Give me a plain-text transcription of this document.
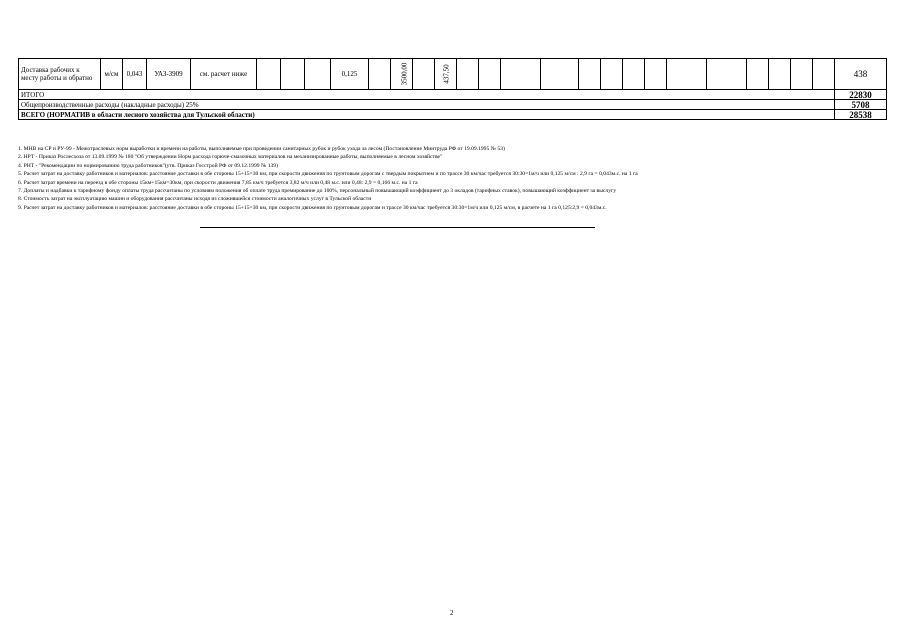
Доставка рабочих к месту работы и обратно	м/см	0,043	УАЗ-3909	см. расчет ниже				0,125		3500,00		437,50															438
ИТОГО																											22830
Общепроизводственные расходы (накладные расходы) 25%																											5708
ВСЕГО (НОРМАТИВ в области лесного хозяйства для Тульской области)																											28538
1. МНВ на СР и РУ-99 - Межотраслевых норм выработки и времени на работы, выполняемые при проведении санитарных рубок и рубок ухода за лесом (Постановление Минтруда РФ от 19.09.1995 № 53)
2. НРТ - Приказ Рослесхоза от 13.09.1999 № 180 "Об утверждении Норм расхода горюче-смазочных материалов на механизированные работы, выполняемые в лесном хозяйстве"
4. РНТ - "Рекомендации по нормированию труда работников"(утв. Приказ Госстрой РФ от 09.12.1999 № 139)
5. Расчет затрат на доставку работников и материалов: расстояние доставки в обе стороны 15+15=30 км, при скорости движения по грунтовым дорогам с твердым покрытием и по трассе 30 км/час требуется 30:30=1м/ч или 0,125 м/см : 2,9 га = 0,043м.с. на 1 га
6. Расчет затрат времени на переезд в обе стороны 15км+15км=30км, при скорости движения 7,85 км/ч требуется 3,82 м/ч или 0,48 м.с. или 0,48: 2,9 = 0,166 м.с. на 1 га
7. Доплаты и надбавки к тарифному фонду оплаты труда рассчитаны по условиям положения об оплате труда премирование до 100%, персональный повышающий коэффициент до 3 окладов (тарифных ставок), повышающий коэффициент за выслугу
8. Стоимость затрат на эксплуатацию машин и оборудования рассчитаны исходя из сложившейся стоимости аналогичных услуг в Тульской области
9. Расчет затрат на доставку работников и материалов: расстояние доставки в обе стороны 15+15=30 км, при скорости движения по грунтовым дорогам и трассе 30 км/час требуется 30:30=1м/ч или 0,125 м/см, в расчете на 1 га 0,125:2,9 = 0,043м.с.
2
